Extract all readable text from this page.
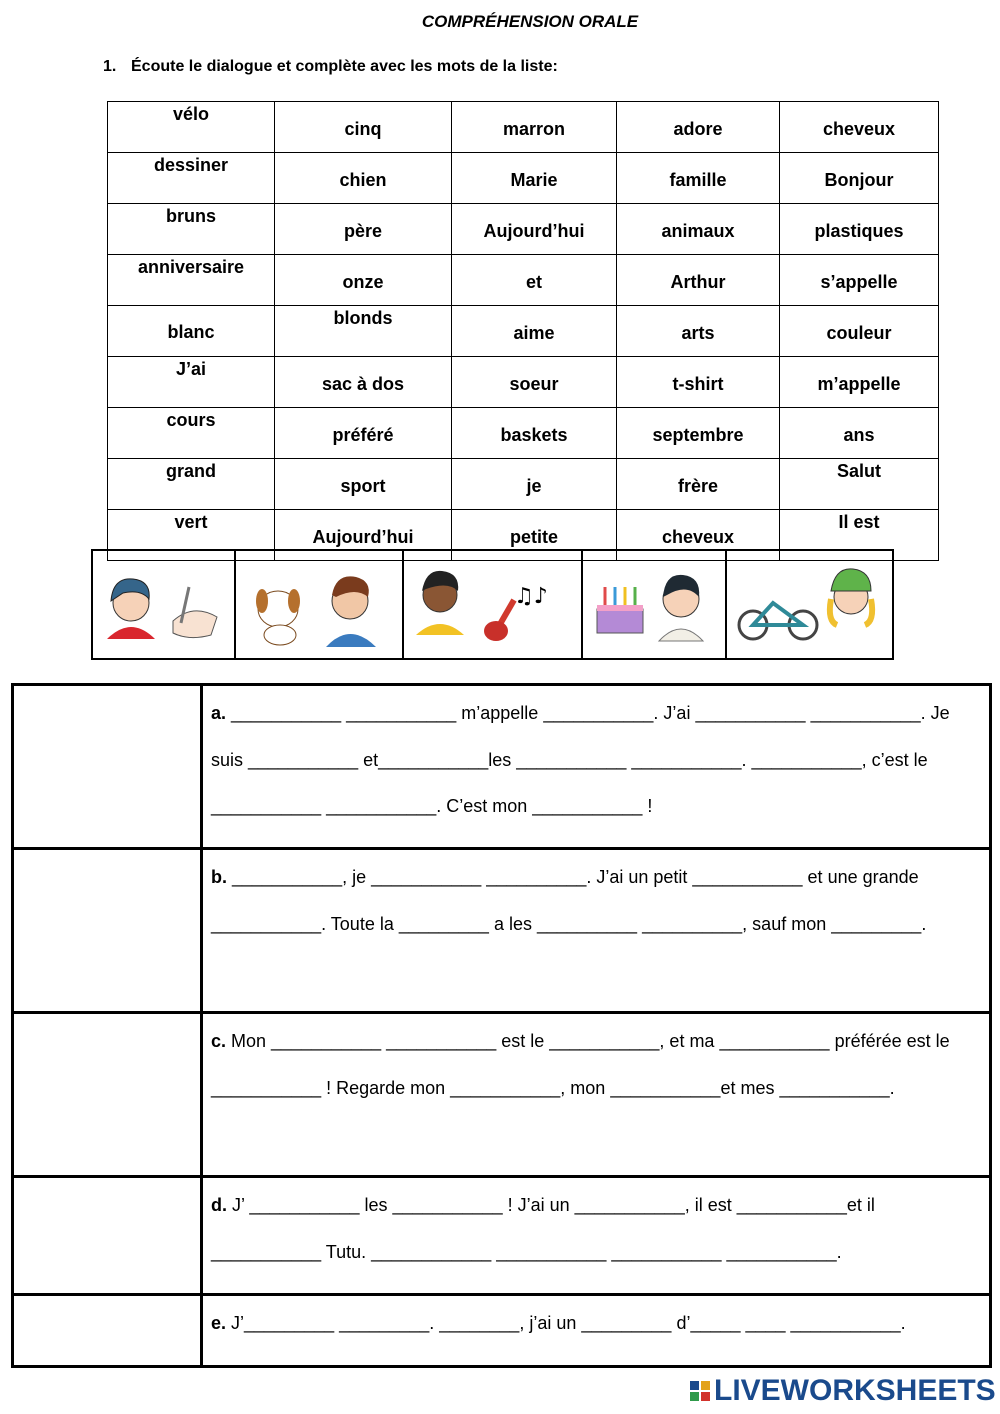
COMPRÉHENSION ORALE
1. Écoute le dialogue et complète avec les mots de la liste:
vélo	cinq	marron	adore	cheveux
dessiner	chien	Marie	famille	Bonjour
bruns	père	Aujourd’hui	animaux	plastiques
anniversaire	onze	et	Arthur	s’appelle
blanc	blonds	aime	arts	couleur
J’ai	sac à dos	soeur	t-shirt	m’appelle
cours	préféré	baskets	septembre	ans
grand	sport	je	frère	Salut
vert	Aujourd’hui	petite	cheveux	Il est
♫♪
	a. ___________ ___________ m’appelle ___________. J’ai ___________ ___________. Je suis ___________ et___________les ___________ ___________. ___________, c’est le ___________ ___________. C’est mon ___________ !
	b. ___________, je ___________ __________. J’ai un petit ___________ et une grande ___________. Toute la _________ a les __________ __________, sauf mon _________.
	c. Mon ___________ ___________ est le ___________, et ma ___________ préférée est le ___________ ! Regarde mon ___________, mon ___________et mes ___________.
	d. J’ ___________ les ___________ ! J’ai un ___________, il est ___________et il ___________ Tutu. ____________ ___________ ___________ ___________.
	e. J’_________ _________. ________, j’ai un _________ d’_____ ____ ___________.
LIVEWORKSHEETS
